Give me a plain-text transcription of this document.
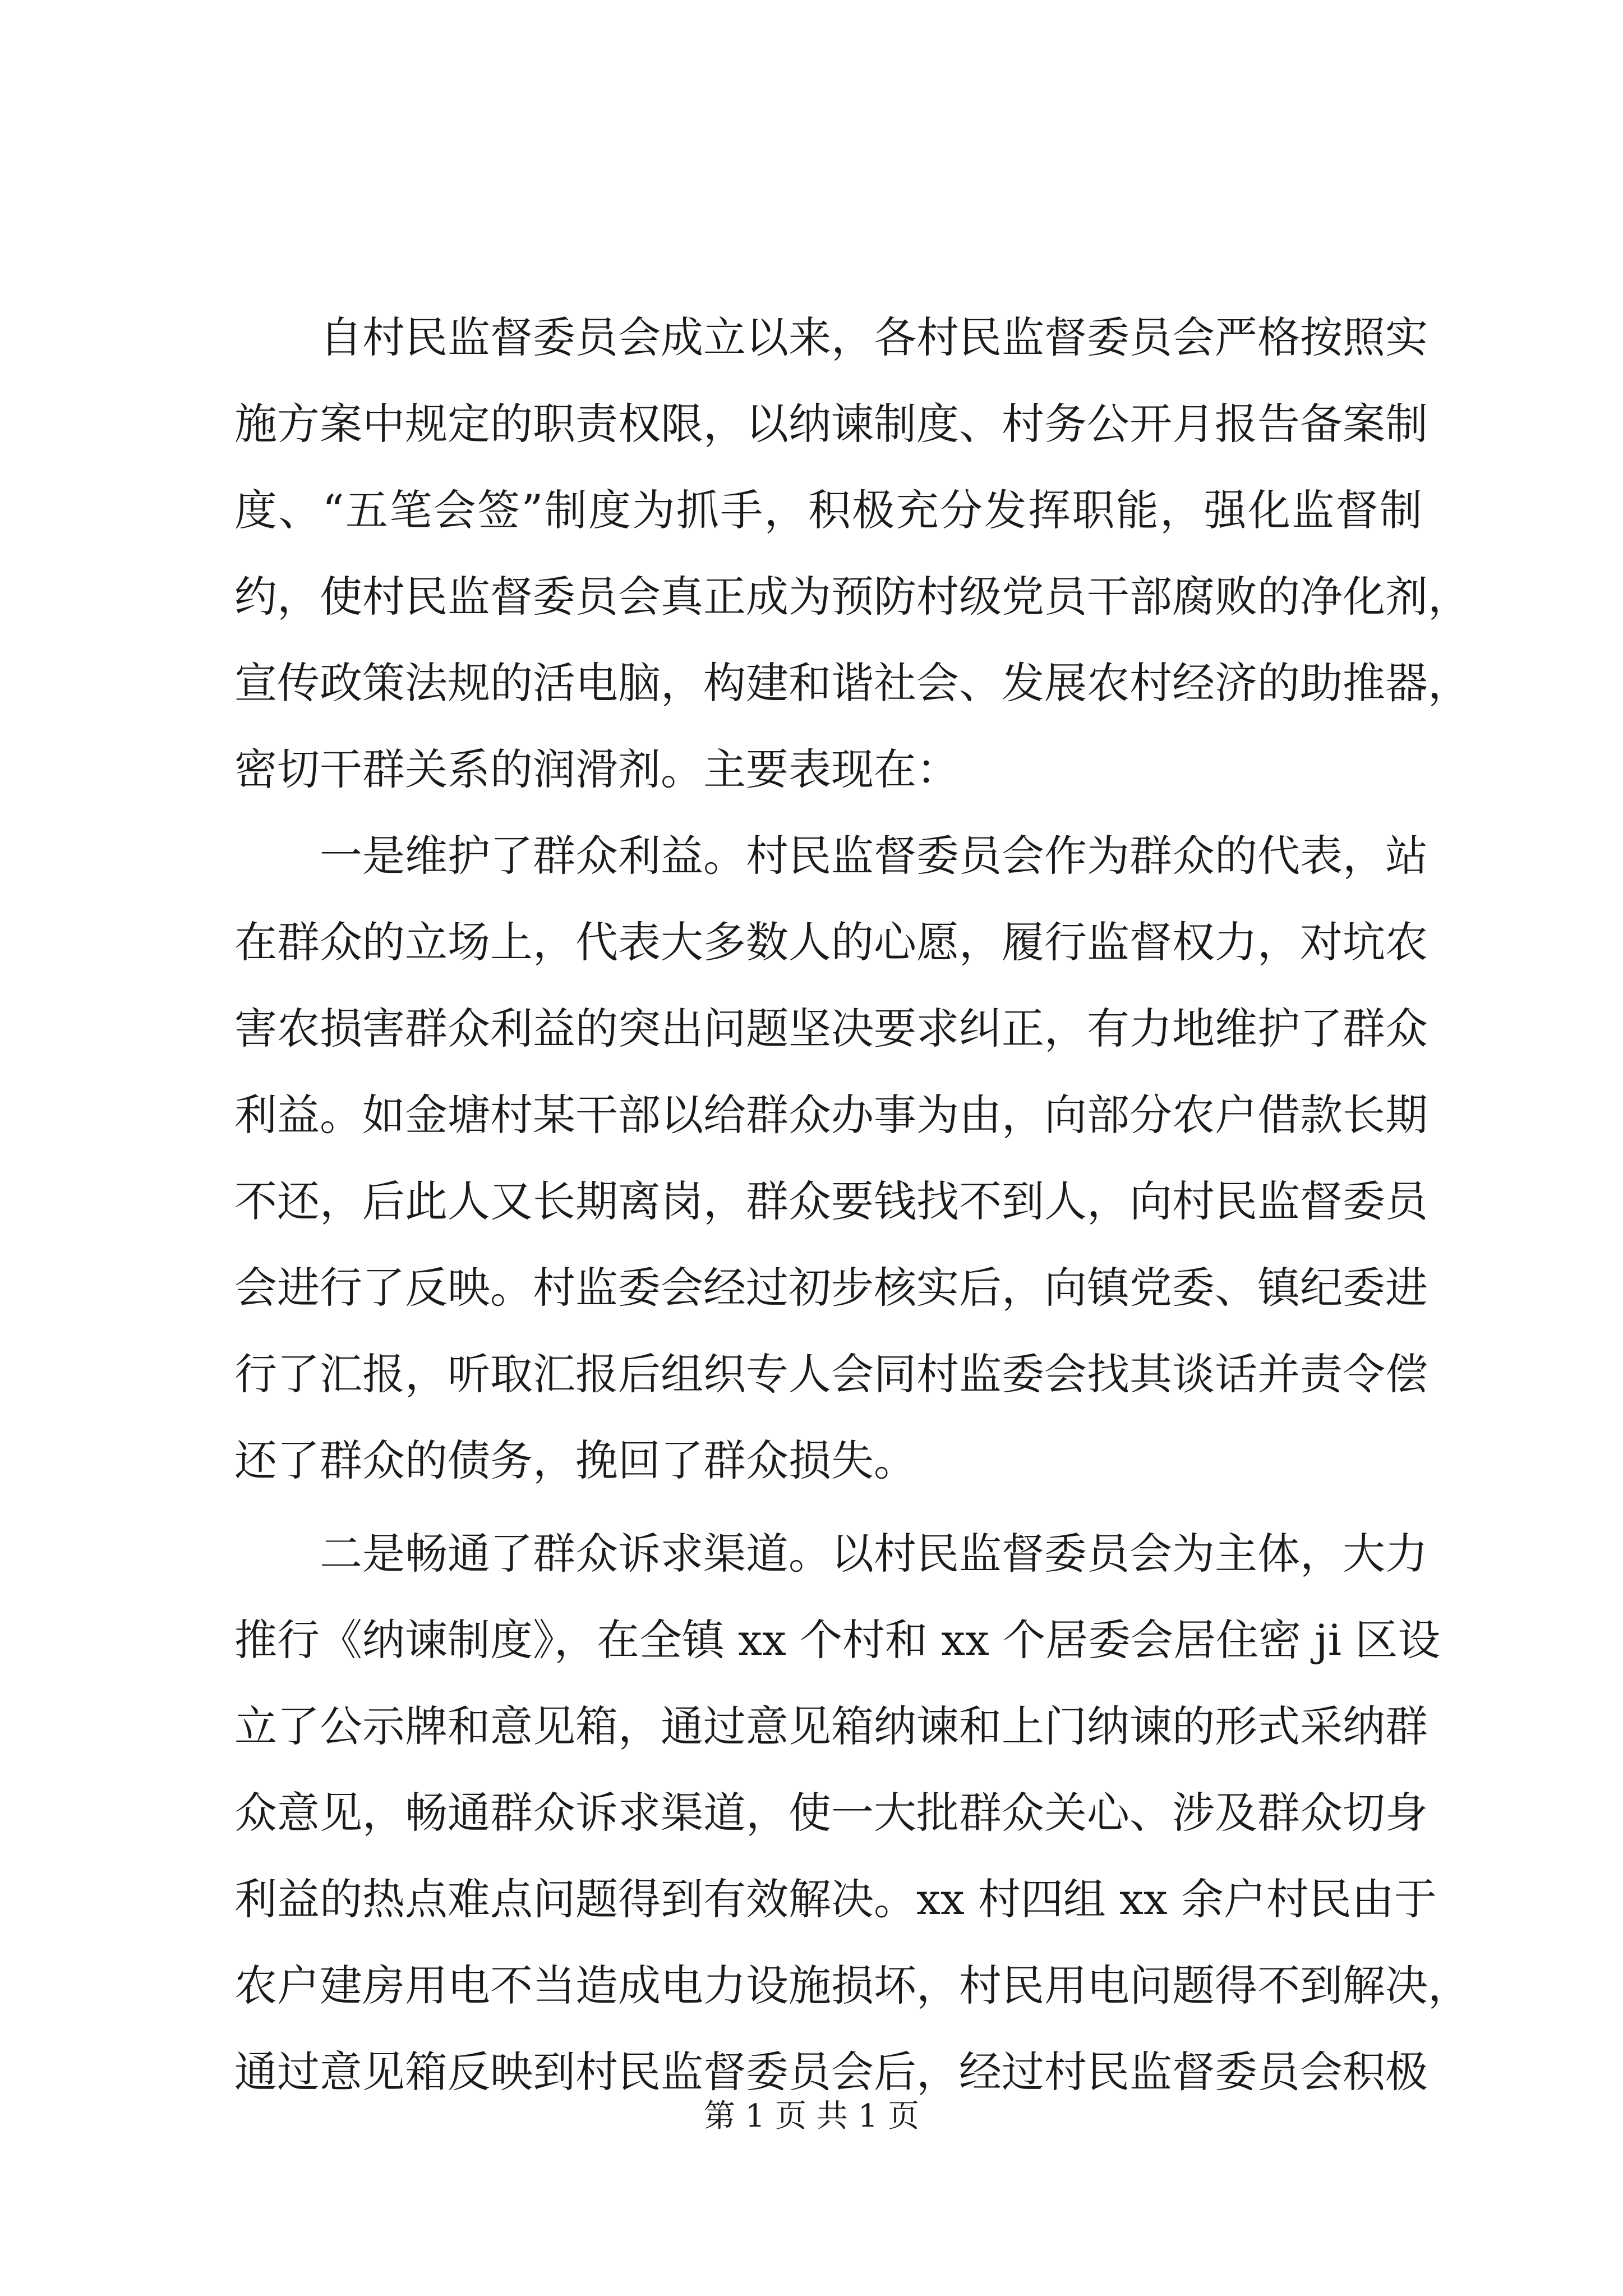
自村民监督委员会成立以来，各村民监督委员会严格按照实
施方案中规定的职责权限，以纳谏制度、村务公开月报告备案制
度、“五笔会签”制度为抓手，积极充分发挥职能，强化监督制
约，使村民监督委员会真正成为预防村级党员干部腐败的净化剂，
宣传政策法规的活电脑，构建和谐社会、发展农村经济的助推器，
密切干群关系的润滑剂。主要表现在：
一是维护了群众利益。村民监督委员会作为群众的代表，站
在群众的立场上，代表大多数人的心愿，履行监督权力，对坑农
害农损害群众利益的突出问题坚决要求纠正，有力地维护了群众
利益。如金塘村某干部以给群众办事为由，向部分农户借款长期
不还，后此人又长期离岗，群众要钱找不到人，向村民监督委员
会进行了反映。村监委会经过初步核实后，向镇党委、镇纪委进
行了汇报，听取汇报后组织专人会同村监委会找其谈话并责令偿
还了群众的债务，挽回了群众损失。
二是畅通了群众诉求渠道。以村民监督委员会为主体，大力
推行《纳谏制度》，在全镇 xx 个村和 xx 个居委会居住密 ji 区设
立了公示牌和意见箱，通过意见箱纳谏和上门纳谏的形式采纳群
众意见，畅通群众诉求渠道，使一大批群众关心、涉及群众切身
利益的热点难点问题得到有效解决。xx 村四组 xx 余户村民由于
农户建房用电不当造成电力设施损坏，村民用电问题得不到解决，
通过意见箱反映到村民监督委员会后，经过村民监督委员会积极
第 1 页 共 1 页
